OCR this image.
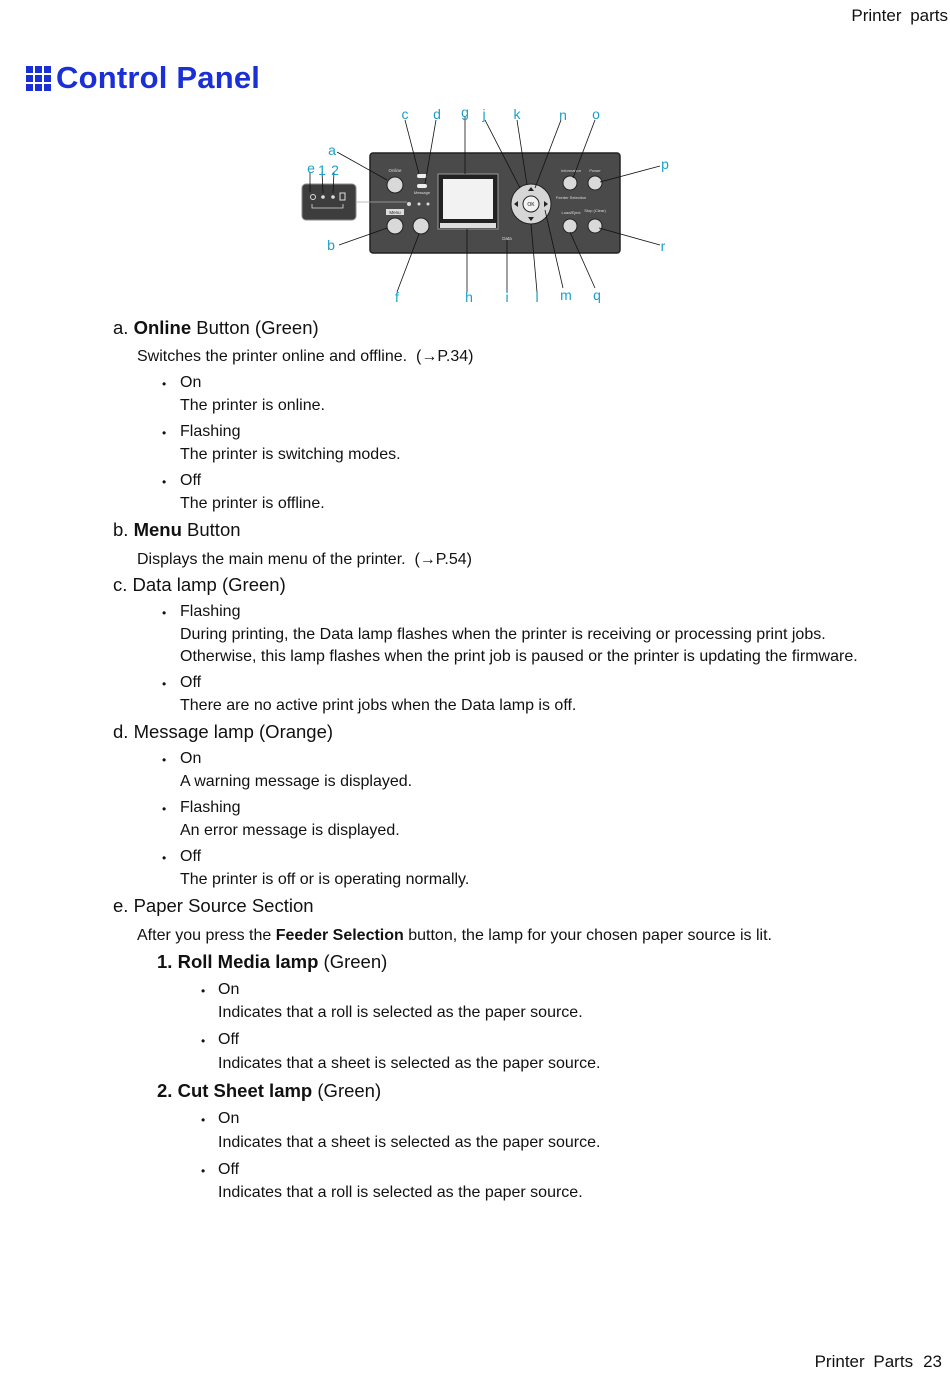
Printer parts
Control Panel
Online
Menu
Message
Data
OK
Information Power
Feeder Selection
Load/Eject Stop (Clear)
a
b
c d
e
f
g
h i
j k
l m
n o
p
q
r
1 2
a. Online Button (Green)
Switches the printer online and offline. (→P.34)
• On
The printer is online.
• Flashing
The printer is switching modes.
• Off
The printer is offline.
b. Menu Button
Displays the main menu of the printer. (→P.54)
c. Data lamp (Green)
• Flashing
During printing, the Data lamp flashes when the printer is receiving or processing print jobs.
Otherwise, this lamp flashes when the print job is paused or the printer is updating the firmware.
• Off
There are no active print jobs when the Data lamp is off.
d. Message lamp (Orange)
• On
A warning message is displayed.
• Flashing
An error message is displayed.
• Off
The printer is off or is operating normally.
e. Paper Source Section
After you press the Feeder Selection button, the lamp for your chosen paper source is lit.
1. Roll Media lamp (Green)
• On
Indicates that a roll is selected as the paper source.
• Off
Indicates that a sheet is selected as the paper source.
2. Cut Sheet lamp (Green)
• On
Indicates that a sheet is selected as the paper source.
• Off
Indicates that a roll is selected as the paper source.
Printer Parts 23
